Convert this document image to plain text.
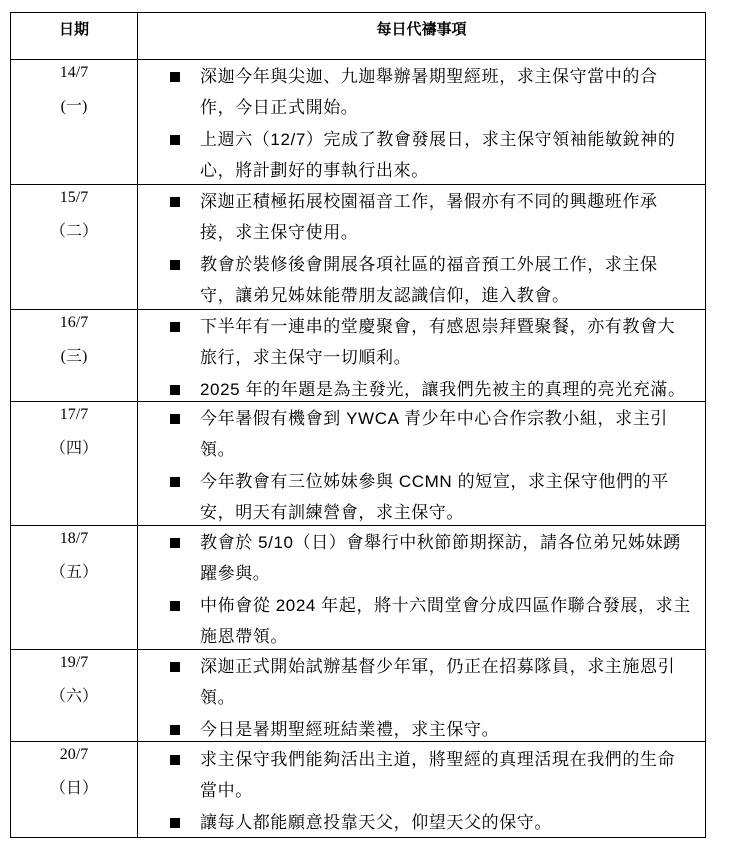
日期	每日代禱事項
14/7
(一)
深迦今年與尖迦、九迦舉辦暑期聖經班，求主保守當中的合
作，今日正式開始。
上週六（12/7）完成了教會發展日，求主保守領袖能敏銳神的
心，將計劃好的事執行出來。
15/7
（二）
深迦正積極拓展校園福音工作，暑假亦有不同的興趣班作承
接，求主保守使用。
教會於裝修後會開展各項社區的福音預工外展工作，求主保
守，讓弟兄姊妹能帶朋友認識信仰，進入教會。
16/7
(三)
下半年有一連串的堂慶聚會，有感恩崇拜暨聚餐，亦有教會大
旅行，求主保守一切順利。
2025 年的年題是為主發光，讓我們先被主的真理的亮光充滿。
17/7
（四）
今年暑假有機會到 YWCA 青少年中心合作宗教小組，求主引
領。
今年教會有三位姊妹參與 CCMN 的短宣，求主保守他們的平
安，明天有訓練營會，求主保守。
18/7
（五）
教會於 5/10（日）會舉行中秋節節期探訪，請各位弟兄姊妹踴
躍參與。
中佈會從 2024 年起，將十六間堂會分成四區作聯合發展，求主
施恩帶領。
19/7
（六）
深迦正式開始試辦基督少年軍，仍正在招募隊員，求主施恩引
領。
今日是暑期聖經班結業禮，求主保守。
20/7
（日）
求主保守我們能夠活出主道，將聖經的真理活現在我們的生命
當中。
讓每人都能願意投靠天父，仰望天父的保守。
